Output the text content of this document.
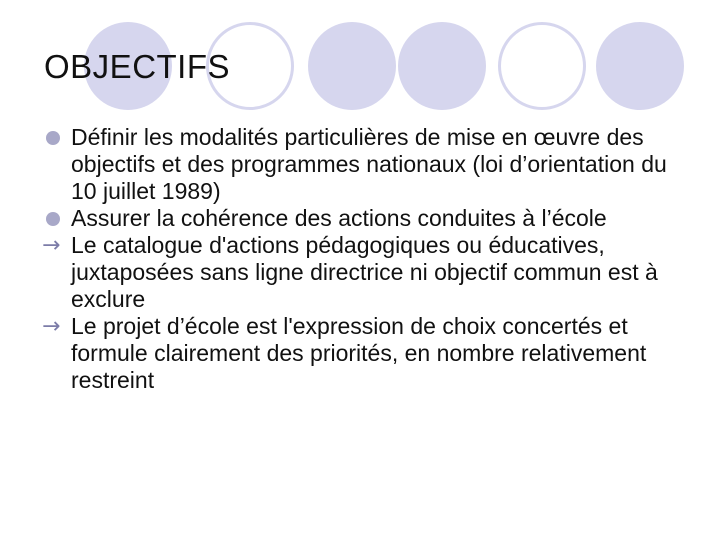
OBJECTIFS
Définir les modalités particulières de mise en œuvre des objectifs et des programmes nationaux (loi d’orientation du 10 juillet 1989)
Assurer la cohérence des actions conduites à l’école
→ Le catalogue d'actions pédagogiques ou éducatives, juxtaposées sans ligne directrice ni objectif commun est à exclure
→ Le projet d’école est l'expression de choix concertés et formule clairement des priorités, en nombre relativement restreint
